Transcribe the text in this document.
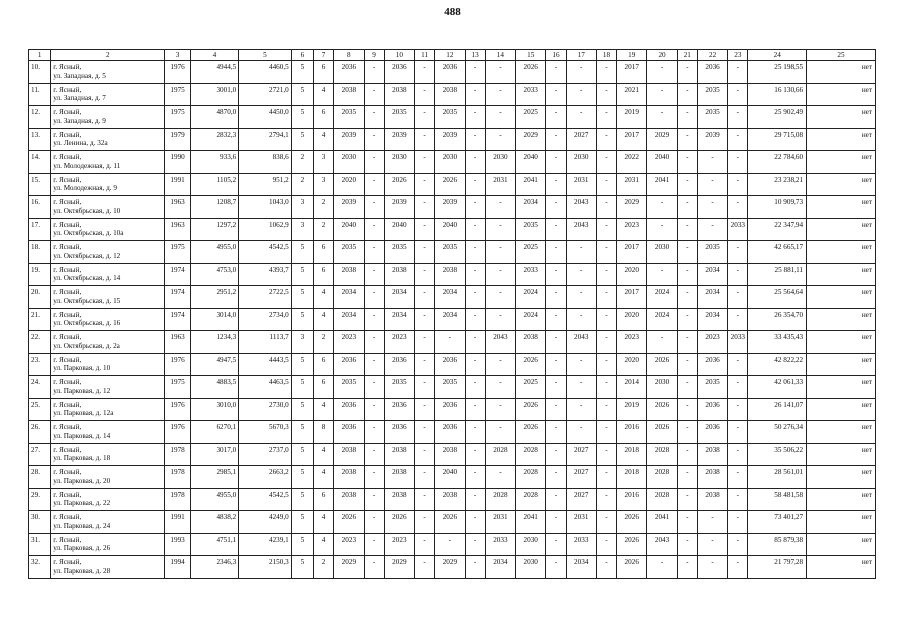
488
1	2	3	4	5	6	7	8	9	10	11	12	13	14	15	16	17	18	19	20	21	22	23	24	25
10.	г. Ясный,
ул. Западная, д. 5	1976	4944,5	4460,5	5	6	2036	-	2036	-	2036	-	-	2026	-	-	-	2017	-	-	2036	-	25 198,55	нет
11.	г. Ясный,
ул. Западная, д. 7	1975	3001,0	2721,0	5	4	2038	-	2038	-	2038	-	-	2033	-	-	-	2021	-	-	2035	-	16 130,66	нет
12.	г. Ясный,
ул. Западная, д. 9	1975	4870,0	4450,0	5	6	2035	-	2035	-	2035	-	-	2025	-	-	-	2019	-	-	2035	-	25 902,49	нет
13.	г. Ясный,
ул. Ленина, д. 32а	1979	2832,3	2794,1	5	4	2039	-	2039	-	2039	-	-	2029	-	2027	-	2017	2029	-	2039	-	29 715,08	нет
14.	г. Ясный,
ул. Молодежная, д. 11	1990	933,6	838,6	2	3	2030	-	2030	-	2030	-	2030	2040	-	2030	-	2022	2040	-	-	-	22 784,60	нет
15.	г. Ясный,
ул. Молодежная, д. 9	1991	1105,2	951,2	2	3	2020	-	2026	-	2026	-	2031	2041	-	2031	-	2031	2041	-	-	-	23 238,21	нет
16.	г. Ясный,
ул. Октябрьская, д. 10	1963	1208,7	1043,0	3	2	2039	-	2039	-	2039	-	-	2034	-	2043	-	2029	-	-	-	-	10 909,73	нет
17.	г. Ясный,
ул. Октябрьская, д. 10а	1963	1297,2	1062,9	3	2	2040	-	2040	-	2040	-	-	2035	-	2043	-	2023	-	-	-	2033	22 347,94	нет
18.	г. Ясный,
ул. Октябрьская, д. 12	1975	4955,0	4542,5	5	6	2035	-	2035	-	2035	-	-	2025	-	-	-	2017	2030	-	2035	-	42 665,17	нет
19.	г. Ясный,
ул. Октябрьская, д. 14	1974	4753,0	4393,7	5	6	2038	-	2038	-	2038	-	-	2033	-	-	-	2020	-	-	2034	-	25 881,11	нет
20.	г. Ясный,
ул. Октябрьская, д. 15	1974	2951,2	2722,5	5	4	2034	-	2034	-	2034	-	-	2024	-	-	-	2017	2024	-	2034	-	25 564,64	нет
21.	г. Ясный,
ул. Октябрьская, д. 16	1974	3014,0	2734,0	5	4	2034	-	2034	-	2034	-	-	2024	-	-	-	2020	2024	-	2034	-	26 354,70	нет
22.	г. Ясный,
ул. Октябрьская, д. 2а	1963	1234,3	1113,7	3	2	2023	-	2023	-	-	-	2043	2038	-	2043	-	2023	-	-	2023	2033	33 435,43	нет
23.	г. Ясный,
ул. Парковая, д. 10	1976	4947,5	4443,5	5	6	2036	-	2036	-	2036	-	-	2026	-	-	-	2020	2026	-	2036	-	42 822,22	нет
24.	г. Ясный,
ул. Парковая, д. 12	1975	4883,5	4463,5	5	6	2035	-	2035	-	2035	-	-	2025	-	-	-	2014	2030	-	2035	-	42 061,33	нет
25.	г. Ясный,
ул. Парковая, д. 12а	1976	3010,0	2730,0	5	4	2036	-	2036	-	2036	-	-	2026	-	-	-	2019	2026	-	2036	-	26 141,07	нет
26.	г. Ясный,
ул. Парковая, д. 14	1976	6270,1	5670,3	5	8	2036	-	2036	-	2036	-	-	2026	-	-	-	2016	2026	-	2036	-	50 276,34	нет
27.	г. Ясный,
ул. Парковая, д. 18	1978	3017,0	2737,0	5	4	2038	-	2038	-	2038	-	2028	2028	-	2027	-	2018	2028	-	2038	-	35 506,22	нет
28.	г. Ясный,
ул. Парковая, д. 20	1978	2985,1	2663,2	5	4	2038	-	2038	-	2040	-	-	2028	-	2027	-	2018	2028	-	2038	-	28 561,01	нет
29.	г. Ясный,
ул. Парковая, д. 22	1978	4955,0	4542,5	5	6	2038	-	2038	-	2038	-	2028	2028	-	2027	-	2016	2028	-	2038	-	58 481,58	нет
30.	г. Ясный,
ул. Парковая, д. 24	1991	4838,2	4249,0	5	4	2026	-	2026	-	2026	-	2031	2041	-	2031	-	2026	2041	-	-	-	73 401,27	нет
31.	г. Ясный,
ул. Парковая, д. 26	1993	4751,1	4239,1	5	4	2023	-	2023	-	-	-	2033	2030	-	2033	-	2026	2043	-	-	-	85 879,38	нет
32.	г. Ясный,
ул. Парковая, д. 28	1994	2346,3	2150,3	5	2	2029	-	2029	-	2029	-	2034	2030	-	2034	-	2026	-	-	-	-	21 797,28	нет
